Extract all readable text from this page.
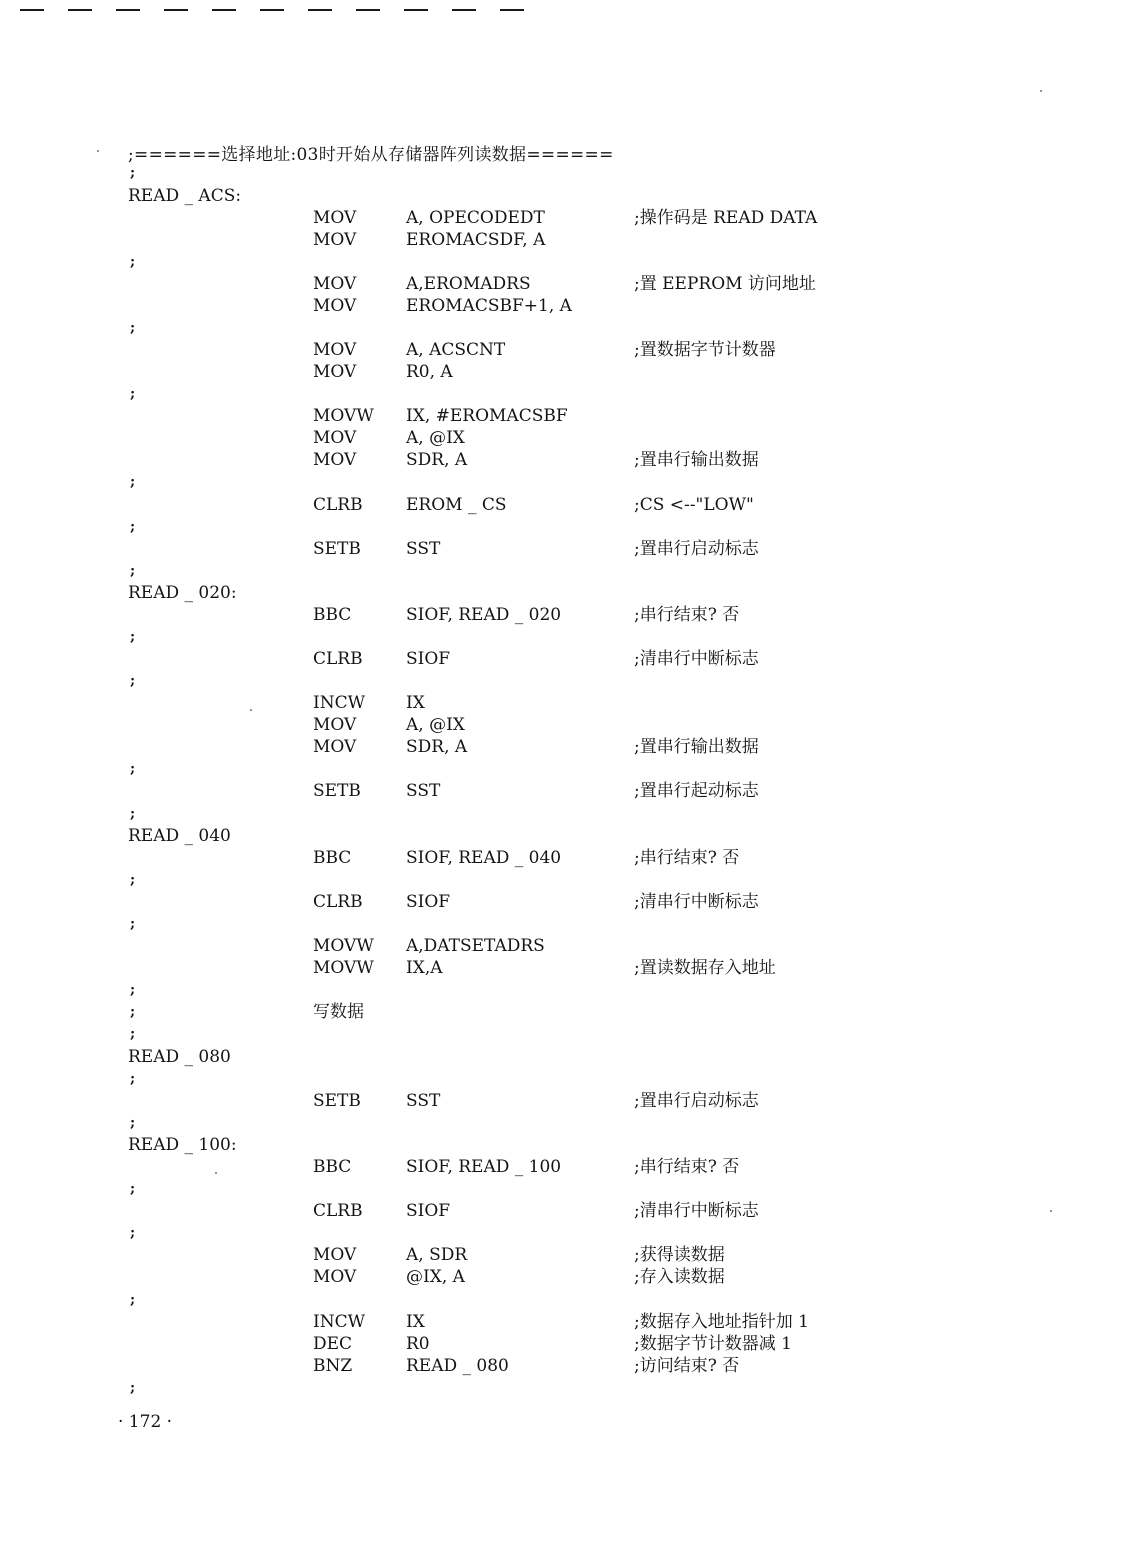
;======选择地址:03时开始从存储器阵列读数据======
;
READ _ ACS:
MOV	A, OPECODEDT	;操作码是 READ DATA
MOV	EROMACSDF, A
;
MOV	A,EROMADRS	;置 EEPROM 访问地址
MOV	EROMACSBF+1, A
;
MOV	A, ACSCNT	;置数据字节计数器
MOV	R0, A
;
MOVW IX, #EROMACSBF
MOV	A, @IX
MOV	SDR, A	;置串行输出数据
;
CLRB	EROM _ CS	;CS <--"LOW"
;
SETB	SST	;置串行启动标志
;
READ _ 020:
BBC	SIOF, READ _ 020	;串行结束? 否
;
CLRB	SIOF	;清串行中断标志
;
INCW IX
MOV	A, @IX
MOV	SDR, A	;置串行输出数据
;
SETB	SST	;置串行起动标志
;
READ _ 040
BBC	SIOF, READ _ 040	;串行结束? 否
;
CLRB	SIOF	;清串行中断标志
;
MOVW A,DATSETADRS
MOVW IX,A	;置读数据存入地址
;
;	写数据
;
READ _ 080
;
SETB	SST	;置串行启动标志
;
READ _ 100:
BBC	SIOF, READ _ 100	;串行结束? 否
;
CLRB	SIOF	;清串行中断标志
;
MOV	A, SDR	;获得读数据
MOV	@IX, A	;存入读数据
;
INCW IX	;数据存入地址指针加 1
DEC	R0	;数据字节计数器减 1
BNZ	READ _ 080	;访问结束? 否
;
· 172 ·
